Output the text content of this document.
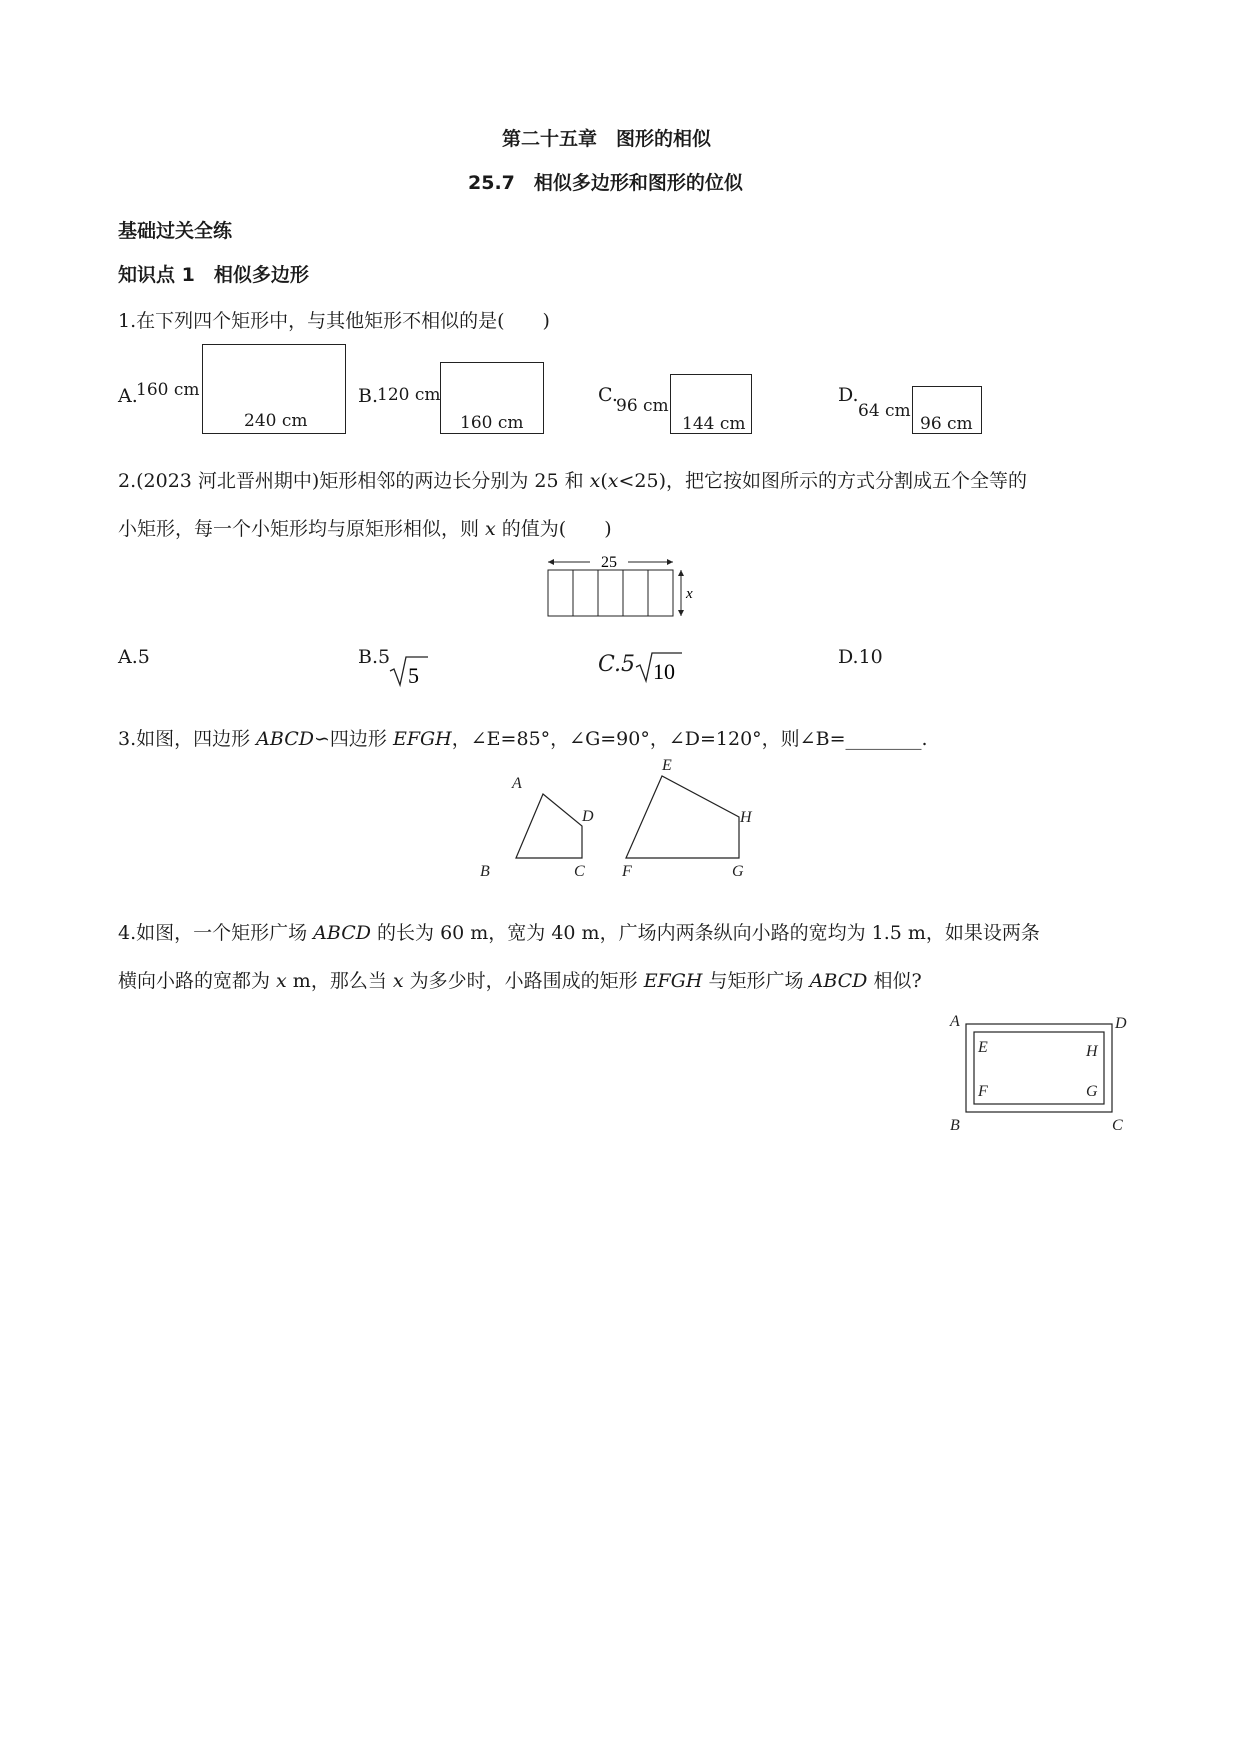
第二十五章　图形的相似
25.7　相似多边形和图形的位似
基础过关全练
知识点 1　相似多边形
1.在下列四个矩形中，与其他矩形不相似的是(　　)
A.
160 cm
240 cm
B.
120 cm
160 cm
C.
96 cm
144 cm
D.
64 cm
96 cm
2.(2023 河北晋州期中)矩形相邻的两边长分别为 25 和 x(x<25)，把它按如图所示的方式分割成五个全等的
小矩形，每一个小矩形均与原矩形相似，则 x 的值为(　　)
25
x
A.5	B.5
5	C.5 10
D.10
3.如图，四边形 ABCD∽四边形 EFGH，∠E=85°，∠G=90°，∠D=120°，则∠B=________.
A
B	C
D
E
F	G
H
4.如图，一个矩形广场 ABCD 的长为 60 m，宽为 40 m，广场内两条纵向小路的宽均为 1.5 m，如果设两条
横向小路的宽都为 x m，那么当 x 为多少时，小路围成的矩形 EFGH 与矩形广场 ABCD 相似?
A	D
B	C
E	H
F	G
